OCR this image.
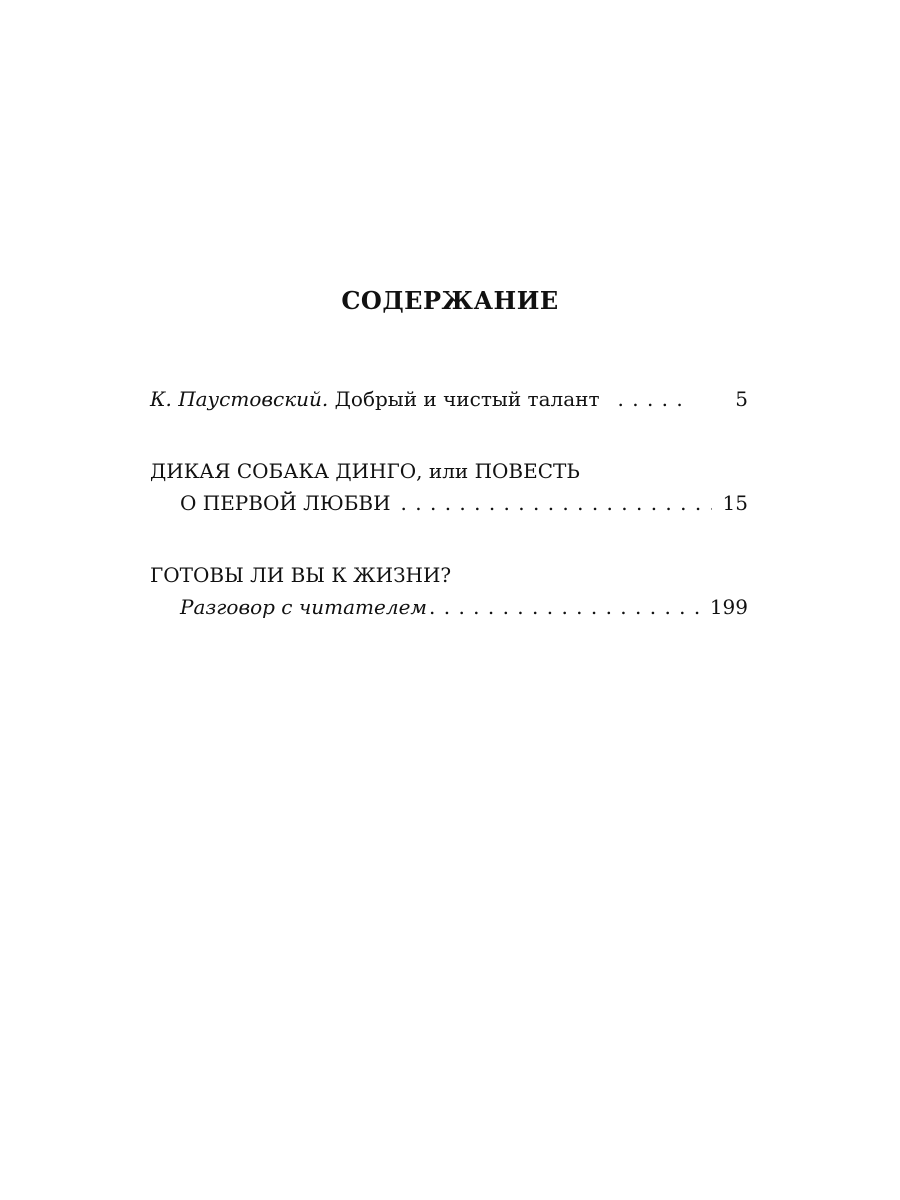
СОДЕРЖАНИЕ
К. Паустовский.
Добрый и чистый талант . . .	5
ДИКАЯ СОБАКА ДИНГО, или ПОВЕСТЬ
О ПЕРВОЙ ЛЮБВИ . . .	15
ГОТОВЫ ЛИ ВЫ К ЖИЗНИ?
Разговор с читателем . . .	199
